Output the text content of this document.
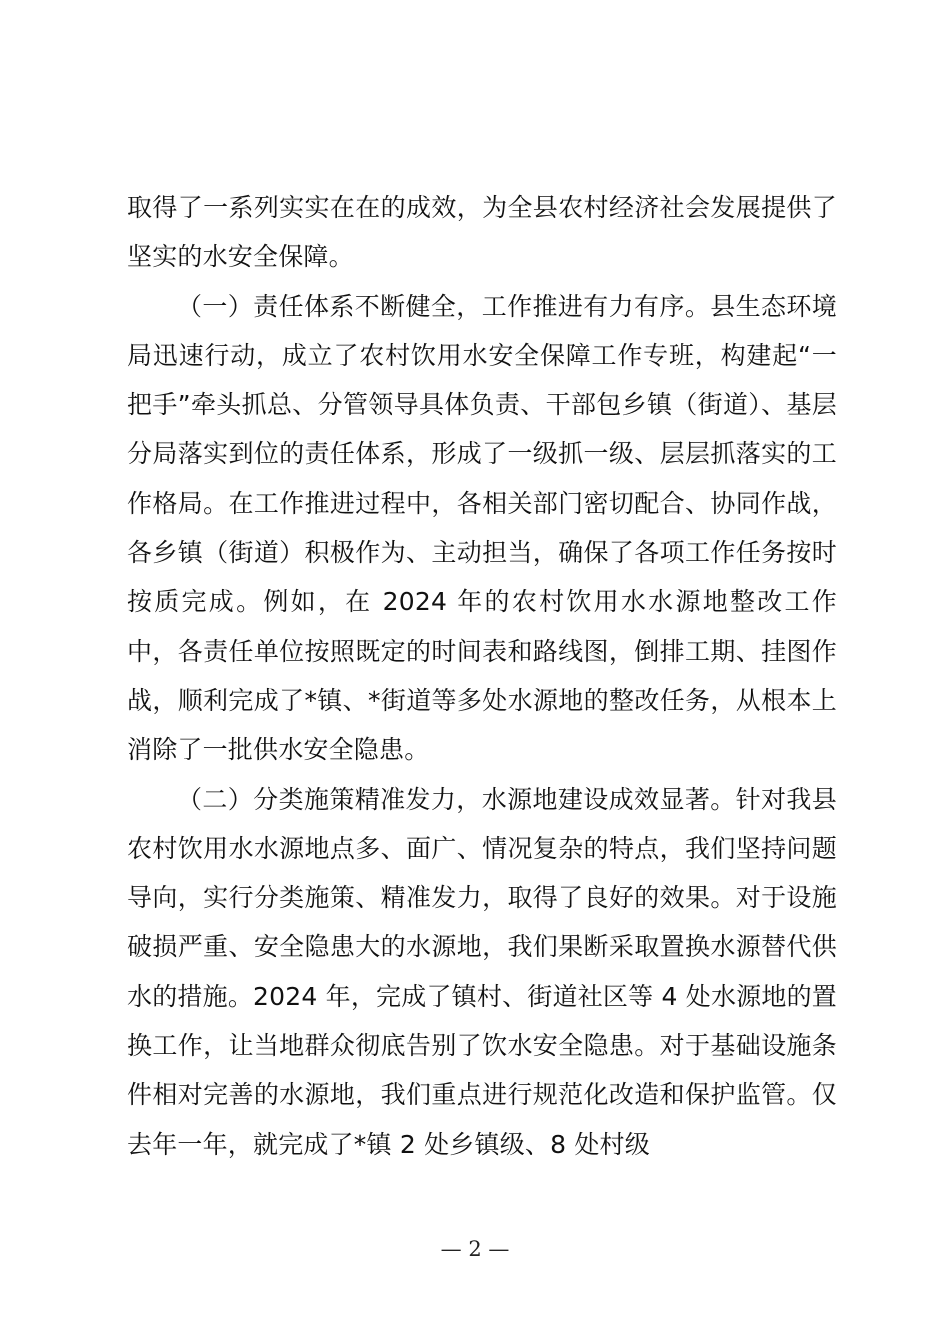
取得了一系列实实在在的成效，为全县农村经济社会发展提供了坚实的水安全保障。

（一）责任体系不断健全，工作推进有力有序。县生态环境局迅速行动，成立了农村饮用水安全保障工作专班，构建起“一把手”牵头抓总、分管领导具体负责、干部包乡镇（街道）、基层分局落实到位的责任体系，形成了一级抓一级、层层抓落实的工作格局。在工作推进过程中，各相关部门密切配合、协同作战，各乡镇（街道）积极作为、主动担当，确保了各项工作任务按时按质完成。例如，在 2024 年的农村饮用水水源地整改工作中，各责任单位按照既定的时间表和路线图，倒排工期、挂图作战，顺利完成了*镇、*街道等多处水源地的整改任务，从根本上消除了一批供水安全隐患。

（二）分类施策精准发力，水源地建设成效显著。针对我县农村饮用水水源地点多、面广、情况复杂的特点，我们坚持问题导向，实行分类施策、精准发力，取得了良好的效果。对于设施破损严重、安全隐患大的水源地，我们果断采取置换水源替代供水的措施。2024 年，完成了镇村、街道社区等 4 处水源地的置换工作，让当地群众彻底告别了饮水安全隐患。对于基础设施条件相对完善的水源地，我们重点进行规范化改造和保护监管。仅去年一年，就完成了*镇 2 处乡镇级、8 处村级

— 2 —
